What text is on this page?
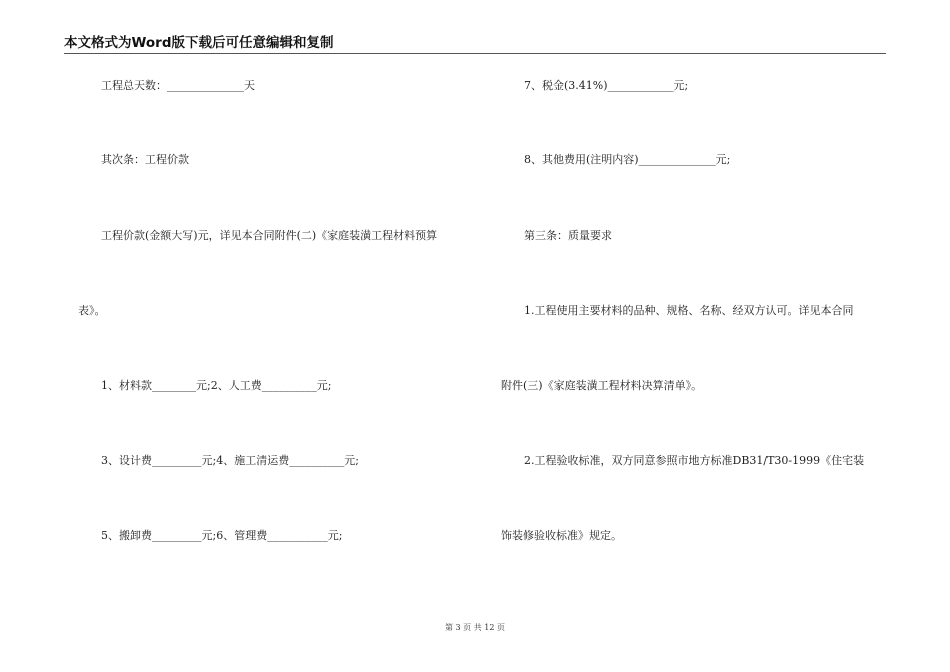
本文格式为Word版下载后可任意编辑和复制
工程总天数：______________天
其次条：工程价款
工程价款(金额大写)元，详见本合同附件(二)《家庭装潢工程材料预算
表》。
1、材料款________元;2、人工费__________元;
3、设计费_________元;4、施工清运费__________元;
5、搬卸费_________元;6、管理费___________元;
7、税金(3.41%)____________元;
8、其他费用(注明内容)______________元;
第三条：质量要求
1.工程使用主要材料的品种、规格、名称、经双方认可。详见本合同
附件(三)《家庭装潢工程材料决算清单》。
2.工程验收标准，双方同意参照市地方标准DB31/T30-1999《住宅装
饰装修验收标准》规定。
第 3 页 共 12 页
